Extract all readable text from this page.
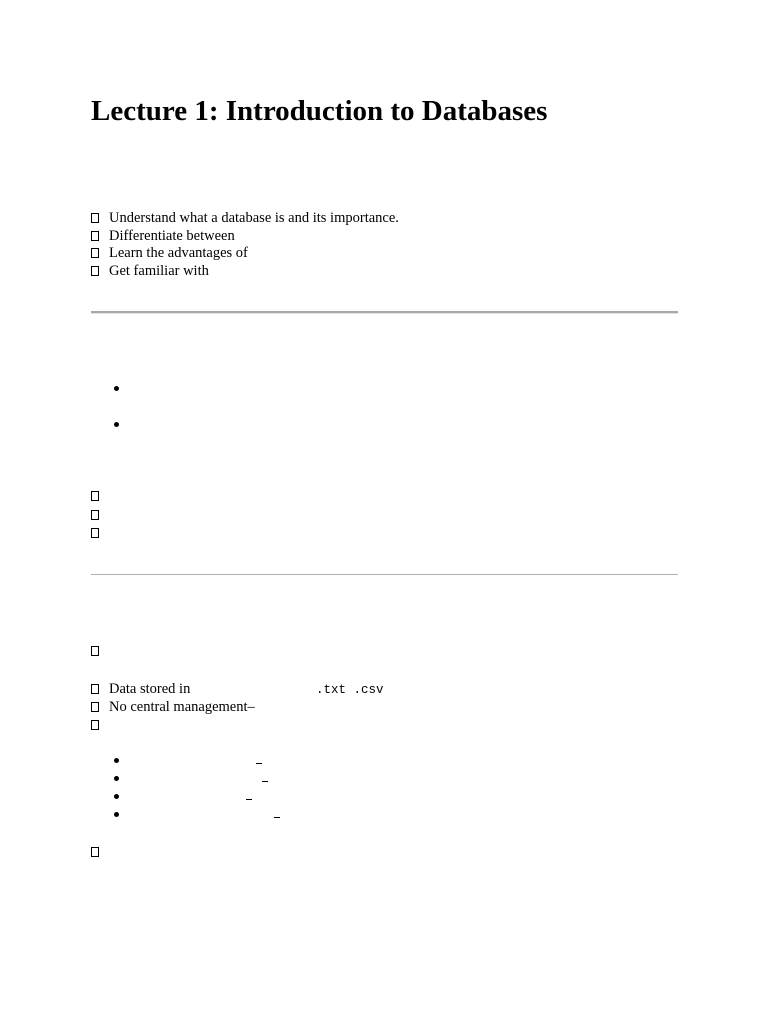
Lecture 1: Introduction to Databases
Understand what a database is and its importance.
Differentiate between
Learn the advantages of
Get familiar with
Data stored in	.txt .csv
No central management–
